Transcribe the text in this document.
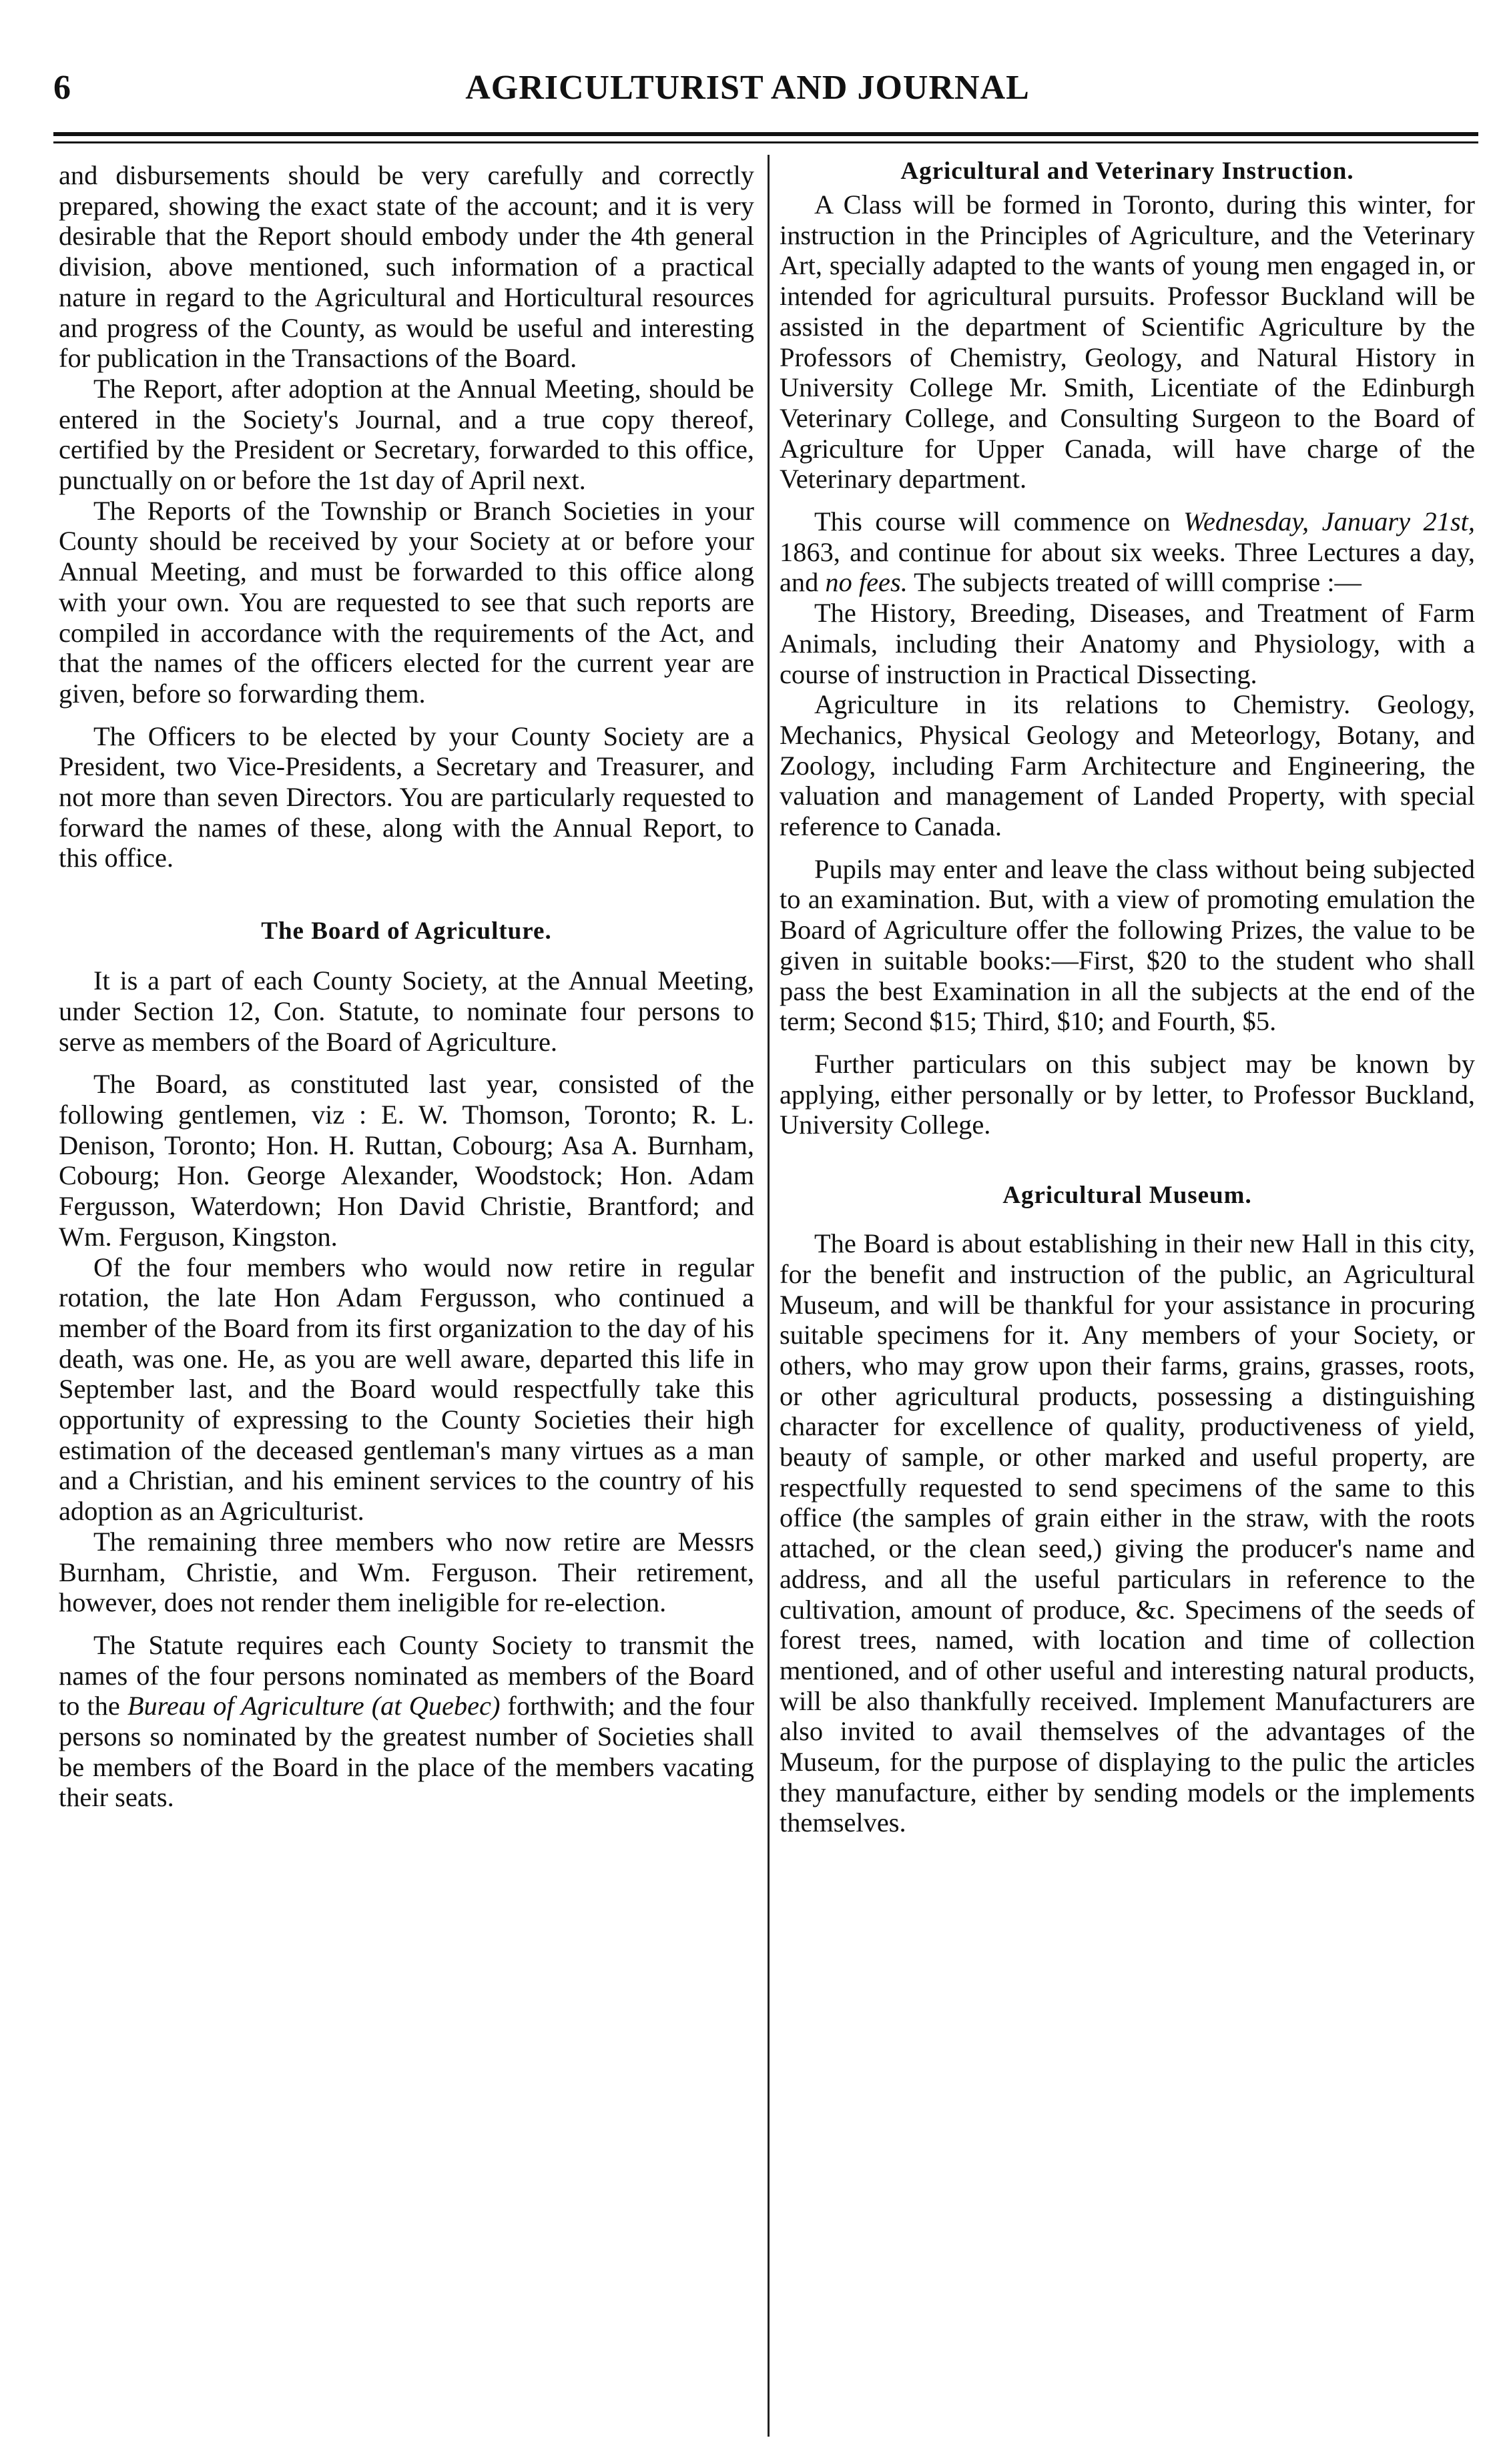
6	AGRICULTURIST AND JOURNAL

and disbursements should be very carefully and correctly prepared, showing the exact state of the account; and it is very desirable that the Report should embody under the 4th general division, above mentioned, such information of a practical nature in regard to the Agricultural and Horticultural resources and progress of the County, as would be useful and interesting for publication in the Transactions of the Board.

The Report, after adoption at the Annual Meeting, should be entered in the Society's Journal, and a true copy thereof, certified by the President or Secretary, forwarded to this office, punctually on or before the 1st day of April next.

The Reports of the Township or Branch Societies in your County should be received by your Society at or before your Annual Meeting, and must be forwarded to this office along with your own. You are requested to see that such reports are compiled in accordance with the requirements of the Act, and that the names of the officers elected for the current year are given, before so forwarding them.

The Officers to be elected by your County Society are a President, two Vice-Presidents, a Secretary and Treasurer, and not more than seven Directors. You are particularly requested to forward the names of these, along with the Annual Report, to this office.

The Board of Agriculture.

It is a part of each County Society, at the Annual Meeting, under Section 12, Con. Statute, to nominate four persons to serve as members of the Board of Agriculture.

The Board, as constituted last year, consisted of the following gentlemen, viz : E. W. Thomson, Toronto; R. L. Denison, Toronto; Hon. H. Ruttan, Cobourg; Asa A. Burnham, Cobourg; Hon. George Alexander, Woodstock; Hon. Adam Fergusson, Waterdown; Hon David Christie, Brantford; and Wm. Ferguson, Kingston.

Of the four members who would now retire in regular rotation, the late Hon Adam Fergusson, who continued a member of the Board from its first organization to the day of his death, was one. He, as you are well aware, departed this life in September last, and the Board would respectfully take this opportunity of expressing to the County Societies their high estimation of the deceased gentleman's many virtues as a man and a Christian, and his eminent services to the country of his adoption as an Agriculturist.

The remaining three members who now retire are Messrs Burnham, Christie, and Wm. Ferguson. Their retirement, however, does not render them ineligible for re-election.

The Statute requires each County Society to transmit the names of the four persons nominated as members of the Board to the Bureau of Agriculture (at Quebec) forthwith; and the four persons so nominated by the greatest number of Societies shall be members of the Board in the place of the members vacating their seats.

Agricultural and Veterinary Instruction.

A Class will be formed in Toronto, during this winter, for instruction in the Principles of Agriculture, and the Veterinary Art, specially adapted to the wants of young men engaged in, or intended for agricultural pursuits. Professor Buckland will be assisted in the department of Scientific Agriculture by the Professors of Chemistry, Geology, and Natural History in University College Mr. Smith, Licentiate of the Edinburgh Veterinary College, and Consulting Surgeon to the Board of Agriculture for Upper Canada, will have charge of the Veterinary department.

This course will commence on Wednesday, January 21st, 1863, and continue for about six weeks. Three Lectures a day, and no fees. The subjects treated of willl comprise :—

The History, Breeding, Diseases, and Treatment of Farm Animals, including their Anatomy and Physiology, with a course of instruction in Practical Dissecting.

Agriculture in its relations to Chemistry. Geology, Mechanics, Physical Geology and Meteorlogy, Botany, and Zoology, including Farm Architecture and Engineering, the valuation and management of Landed Property, with special reference to Canada.

Pupils may enter and leave the class without being subjected to an examination. But, with a view of promoting emulation the Board of Agriculture offer the following Prizes, the value to be given in suitable books:—First, $20 to the student who shall pass the best Examination in all the subjects at the end of the term; Second $15; Third, $10; and Fourth, $5.

Further particulars on this subject may be known by applying, either personally or by letter, to Professor Buckland, University College.

Agricultural Museum.

The Board is about establishing in their new Hall in this city, for the benefit and instruction of the public, an Agricultural Museum, and will be thankful for your assistance in procuring suitable specimens for it. Any members of your Society, or others, who may grow upon their farms, grains, grasses, roots, or other agricultural products, possessing a distinguishing character for excellence of quality, productiveness of yield, beauty of sample, or other marked and useful property, are respectfully requested to send specimens of the same to this office (the samples of grain either in the straw, with the roots attached, or the clean seed,) giving the producer's name and address, and all the useful particulars in reference to the cultivation, amount of produce, &c. Specimens of the seeds of forest trees, named, with location and time of collection mentioned, and of other useful and interesting natural products, will be also thankfully received. Implement Manufacturers are also invited to avail themselves of the advantages of the Museum, for the purpose of displaying to the pulic the articles they manufacture, either by sending models or the implements themselves.
